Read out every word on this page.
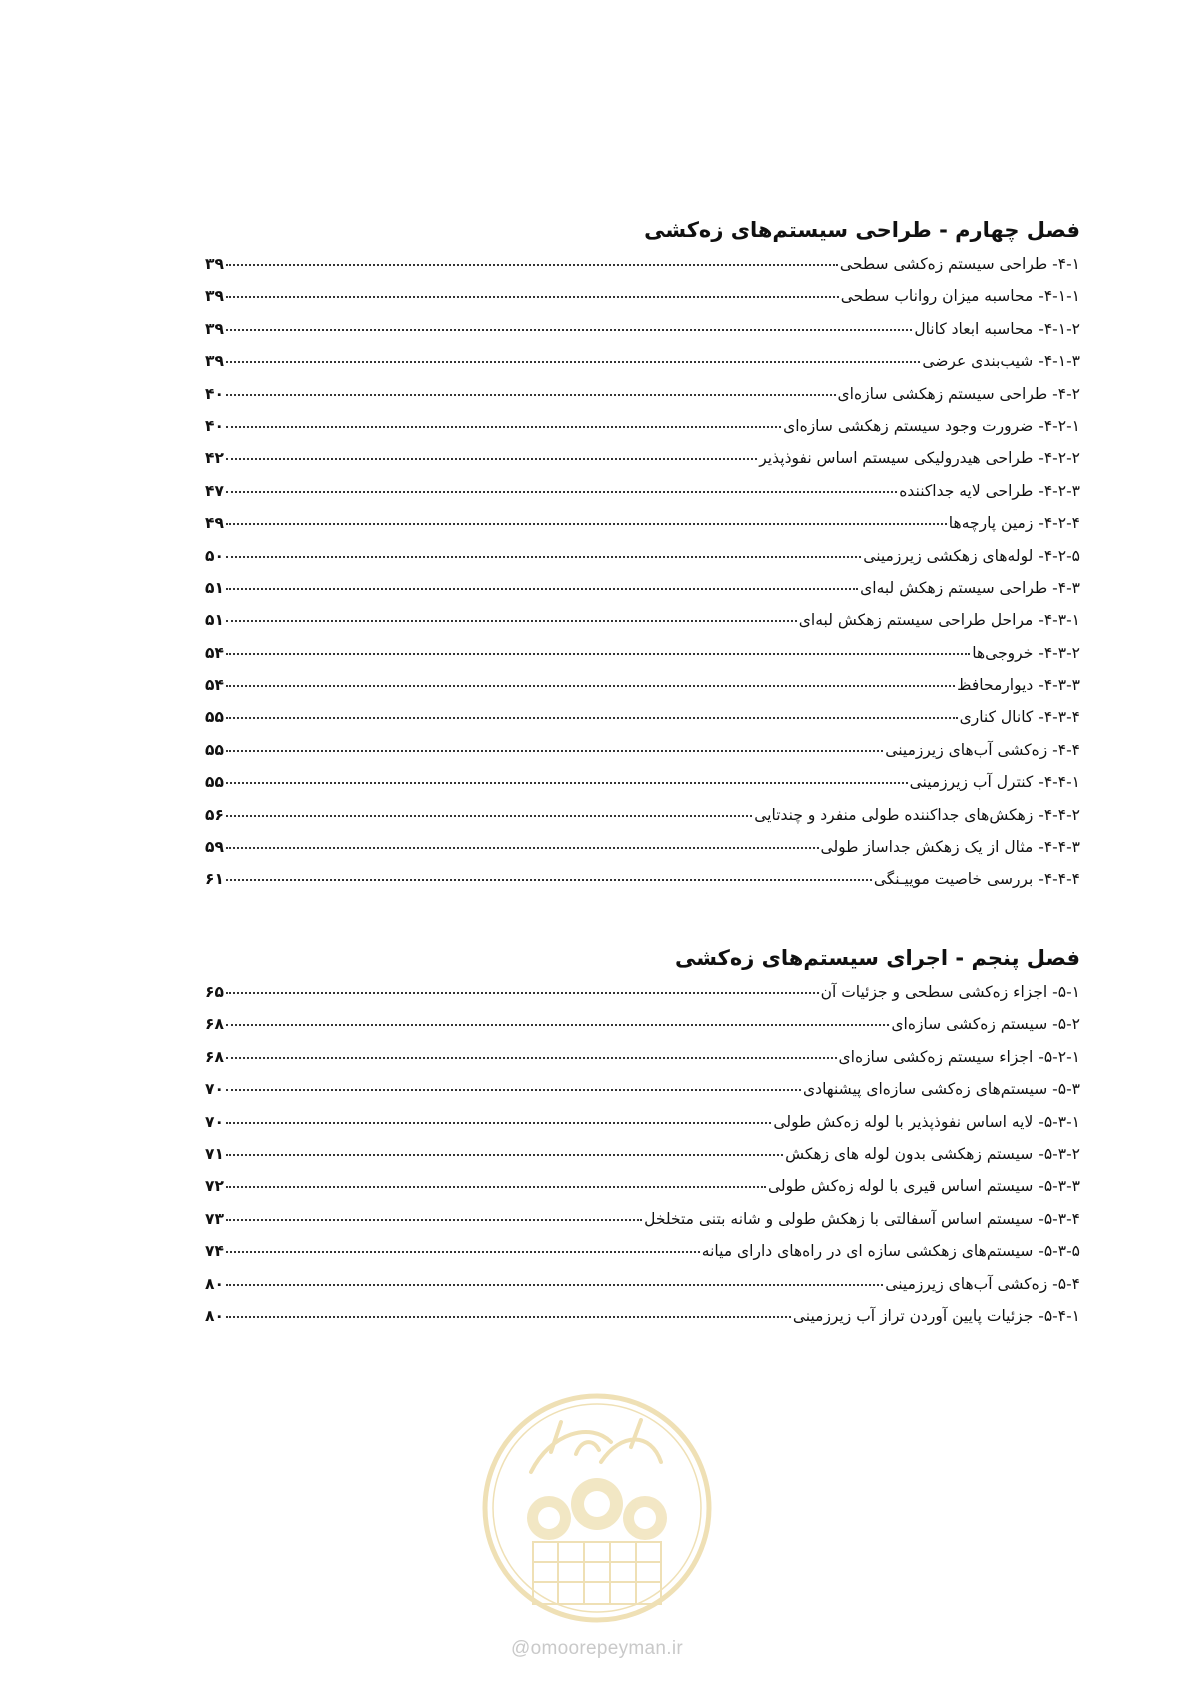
فصل چهارم - طراحی سیستم‌های زه‌کشی
۴-۱- طراحی سیستم زه‌کشی سطحی
۳۹
۴-۱-۱- محاسبه میزان رواناب سطحی
۳۹
۴-۱-۲- محاسبه ابعاد کانال
۳۹
۴-۱-۳- شیب‌بندی عرضی
۳۹
۴-۲- طراحی سیستم زهکشی سازه‌ای
۴۰
۴-۲-۱- ضرورت وجود سیستم زهکشی سازه‌ای
۴۰
۴-۲-۲- طراحی هیدرولیکی سیستم اساس نفوذپذیر
۴۲
۴-۲-۳- طراحی لایه جداکننده
۴۷
۴-۲-۴- زمین پارچه‌ها
۴۹
۴-۲-۵- لوله‌های زهکشی زیرزمینی
۵۰
۴-۳- طراحی سیستم زهکش لبه‌ای
۵۱
۴-۳-۱- مراحل طراحی سیستم زهکش لبه‌ای
۵۱
۴-۳-۲- خروجی‌ها
۵۴
۴-۳-۳- دیوارمحافظ
۵۴
۴-۳-۴- کانال کناری
۵۵
۴-۴- زه‌کشی آب‌های زیرزمینی
۵۵
۴-۴-۱- کنترل آب زیرزمینی
۵۵
۴-۴-۲- زهکش‌های جداکننده طولی منفرد و چندتایی
۵۶
۴-۴-۳- مثال از یک زهکش جداساز طولی
۵۹
۴-۴-۴- بررسی خاصیت موییـنگی
۶۱
فصل پنجم - اجرای سیستم‌های زه‌کشی
۵-۱- اجزاء زه‌کشی سطحی و جزئیات آن
۶۵
۵-۲- سیستم زه‌کشی سازه‌ای
۶۸
۵-۲-۱- اجزاء سیستم زه‌کشی سازه‌ای
۶۸
۵-۳- سیستم‌های زه‌کشی سازه‌ای پیشنهادی
۷۰
۵-۳-۱- لایه اساس نفوذپذیر با لوله زه‌کش طولی
۷۰
۵-۳-۲- سیستم زهکشی بدون لوله های زهکش
۷۱
۵-۳-۳- سیستم اساس قیری با لوله زه‌کش طولی
۷۲
۵-۳-۴- سیستم اساس آسفالتی با زهکش طولی و شانه بتنی متخلخل
۷۳
۵-۳-۵- سیستم‌های زهکشی سازه ای در راه‌های دارای میانه
۷۴
۵-۴- زه‌کشی آب‌های زیرزمینی
۸۰
۵-۴-۱- جزئیات پایین آوردن تراز آب زیرزمینی
۸۰
@omoorepeyman.ir
